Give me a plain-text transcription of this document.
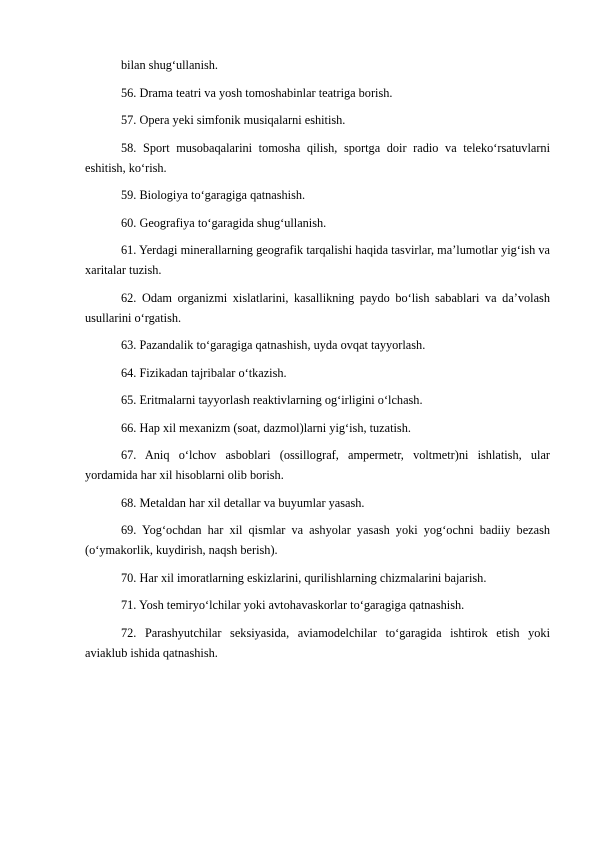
bilan shug‘ullanish.

56. Drama teatri va yosh tomoshabinlar teatriga borish.

57. Opera yeki simfonik musiqalarni eshitish.

58. Sport musobaqalarini tomosha qilish, sportga doir radio va teleko‘rsatuvlarni eshitish, ko‘rish.

59. Biologiya to‘garagiga qatnashish.

60. Geografiya to‘garagida shug‘ullanish.

61. Yerdagi minerallarning geografik tarqalishi haqida tasvirlar, ma’lumotlar yig‘ish va xaritalar tuzish.

62. Odam organizmi xislatlarini, kasallikning paydo bo‘lish sabablari va da’volash usullarini o‘rgatish.

63. Pazandalik to‘garagiga qatnashish, uyda ovqat tayyorlash.

64. Fizikadan tajribalar o‘tkazish.

65. Eritmalarni tayyorlash reaktivlarning og‘irligini o‘lchash.

66. Hap xil mexanizm (soat, dazmol)larni yig‘ish, tuzatish.

67. Aniq o‘lchov asboblari (ossillograf, ampermetr, voltmetr)ni ishlatish, ular yordamida har xil hisoblarni olib borish.

68. Metaldan har xil detallar va buyumlar yasash.

69. Yog‘ochdan har xil qismlar va ashyolar yasash yoki yog‘ochni badiiy bezash (o‘ymakorlik, kuydirish, naqsh berish).

70. Har xil imoratlarning eskizlarini, qurilishlarning chizmalarini bajarish.

71. Yosh temiryo‘lchilar yoki avtohavaskorlar to‘garagiga qatnashish.

72. Parashyutchilar seksiyasida, aviamodelchilar to‘garagida ishtirok etish yoki aviaklub ishida qatnashish.
